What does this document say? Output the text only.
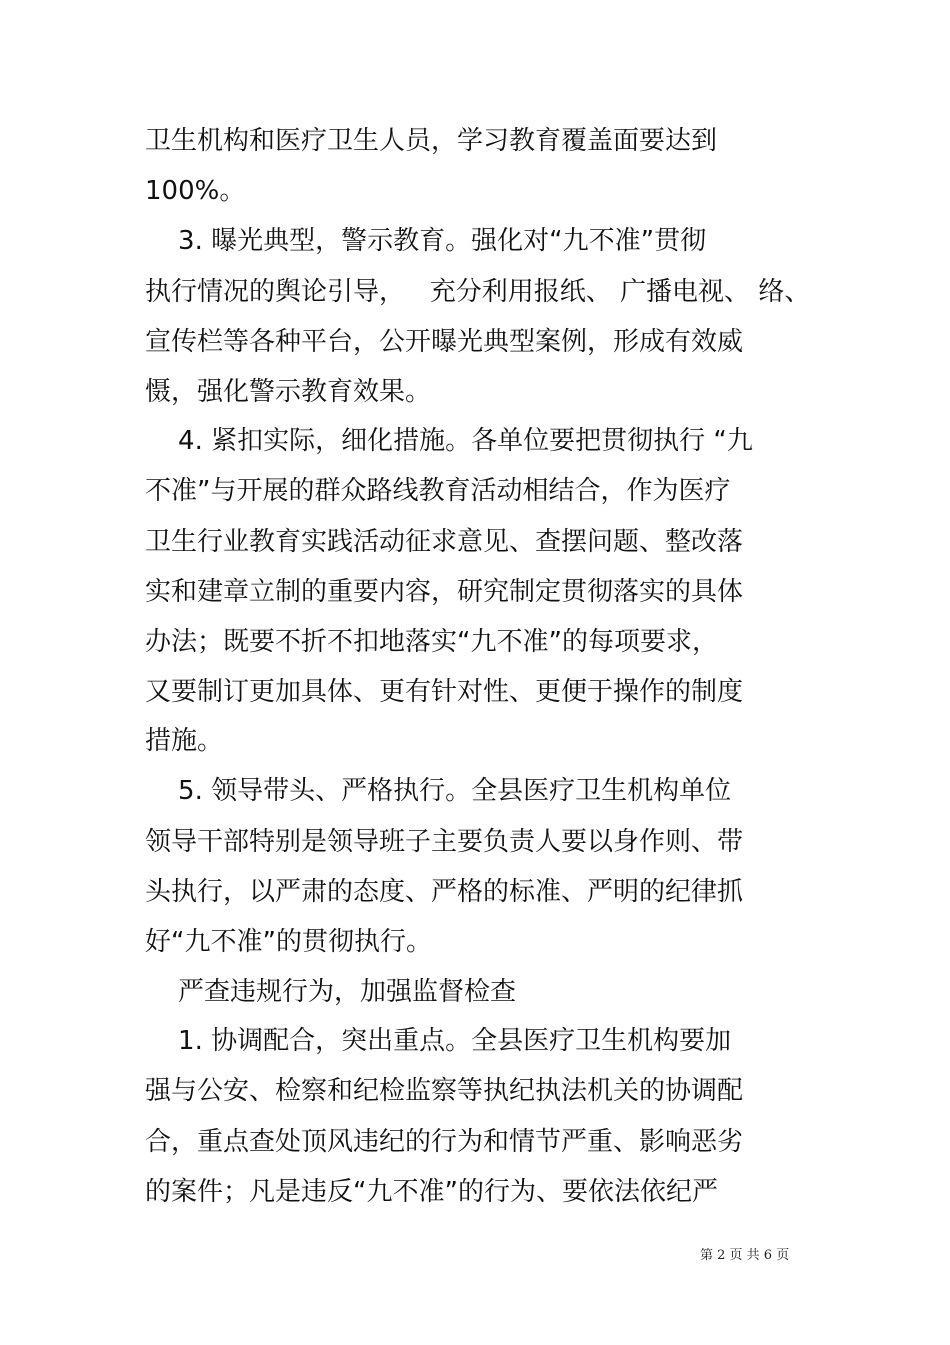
卫生机构和医疗卫生人员，学习教育覆盖面要达到
100%。
3. 曝光典型，警示教育。强化对“九不准”贯彻
执行情况的舆论引导，   充分利用报纸、 广播电视、 络、
宣传栏等各种平台，公开曝光典型案例，形成有效威
慑，强化警示教育效果。
4. 紧扣实际，细化措施。各单位要把贯彻执行 “九
不准”与开展的群众路线教育活动相结合，作为医疗
卫生行业教育实践活动征求意见、查摆问题、整改落
实和建章立制的重要内容，研究制定贯彻落实的具体
办法；既要不折不扣地落实“九不准”的每项要求，
又要制订更加具体、更有针对性、更便于操作的制度
措施。
5. 领导带头、严格执行。全县医疗卫生机构单位
领导干部特别是领导班子主要负责人要以身作则、带
头执行，以严肃的态度、严格的标准、严明的纪律抓
好“九不准”的贯彻执行。
严查违规行为，加强监督检查
1. 协调配合，突出重点。全县医疗卫生机构要加
强与公安、检察和纪检监察等执纪执法机关的协调配
合，重点查处顶风违纪的行为和情节严重、影响恶劣
的案件；凡是违反“九不准”的行为、要依法依纪严
第 2 页 共 6 页
